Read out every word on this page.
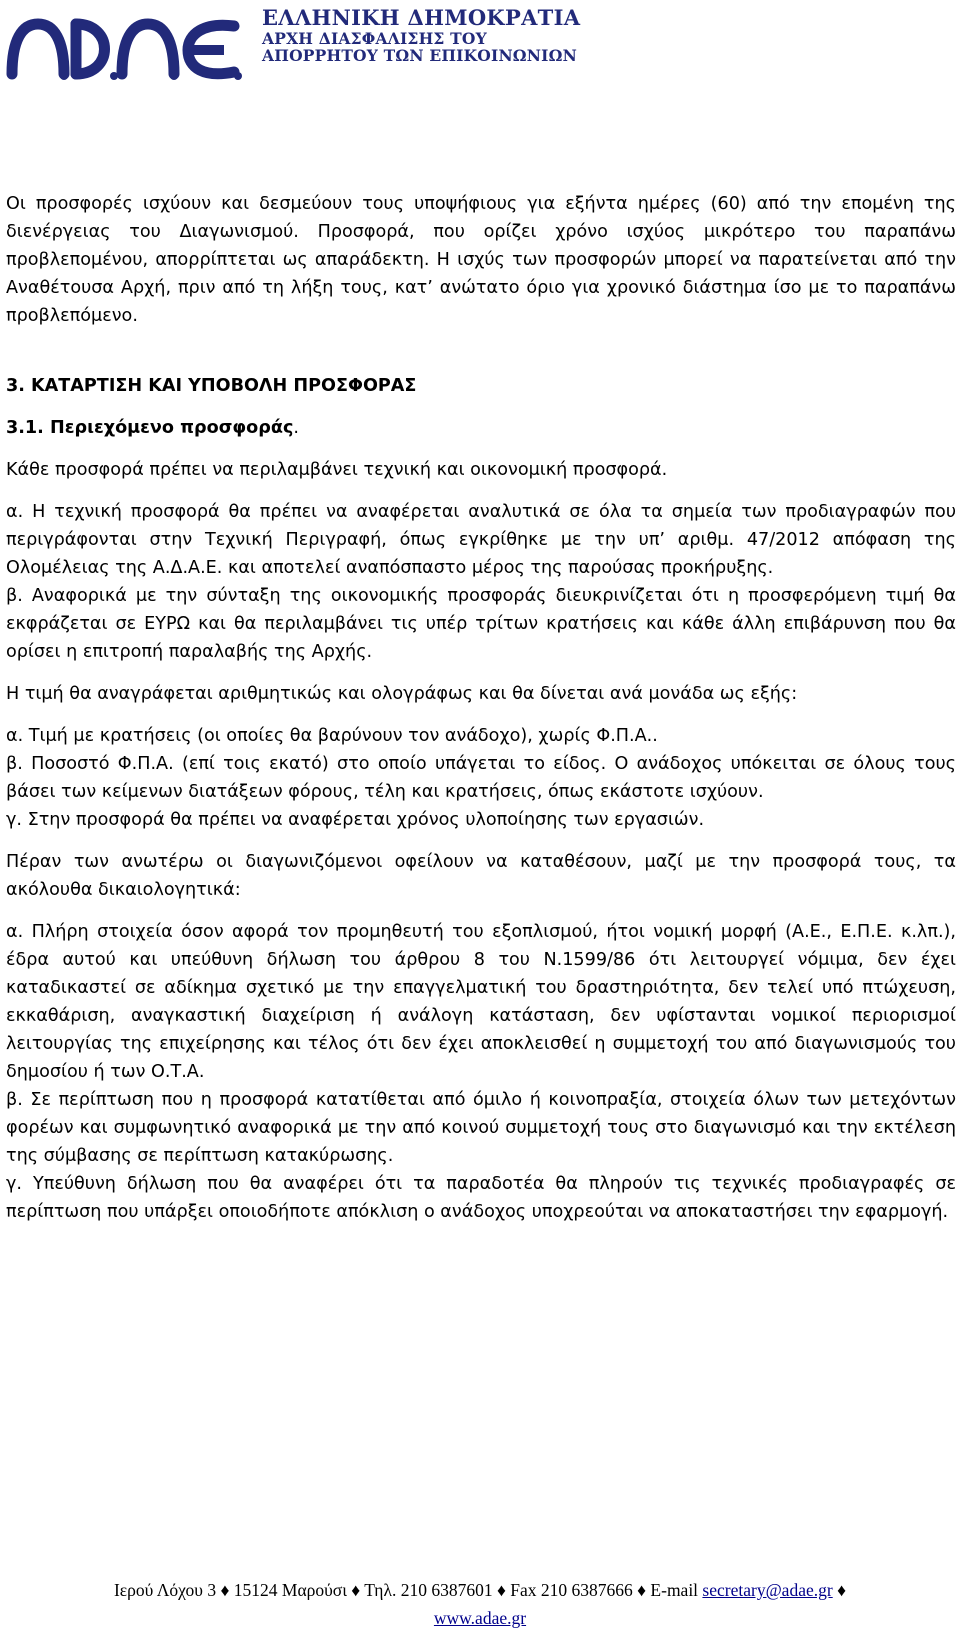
ΕΛΛΗΝΙΚΗ ΔΗΜΟΚΡΑΤΙΑ
ΑΡΧΗ ΔΙΑΣΦΑΛΙΣΗΣ ΤΟΥ
ΑΠΟΡΡΗΤΟΥ ΤΩΝ ΕΠΙΚΟΙΝΩΝΙΩΝ

Οι προσφορές ισχύουν και δεσμεύουν τους υποψήφιους για εξήντα ημέρες (60) από την επομένη της διενέργειας του Διαγωνισμού. Προσφορά, που ορίζει χρόνο ισχύος μικρότερο του παραπάνω προβλεπομένου, απορρίπτεται ως απαράδεκτη. Η ισχύς των προσφορών μπορεί να παρατείνεται από την Αναθέτουσα Αρχή, πριν από τη λήξη τους, κατ’ ανώτατο όριο για χρονικό διάστημα ίσο με το παραπάνω προβλεπόμενο.

3. ΚΑΤΑΡΤΙΣΗ ΚΑΙ ΥΠΟΒΟΛΗ ΠΡΟΣΦΟΡΑΣ

3.1. Περιεχόμενο προσφοράς.

Κάθε προσφορά πρέπει να περιλαμβάνει τεχνική και οικονομική προσφορά.

α. Η τεχνική προσφορά θα πρέπει να αναφέρεται αναλυτικά σε όλα τα σημεία των προδιαγραφών που περιγράφονται στην Τεχνική Περιγραφή, όπως εγκρίθηκε με την υπ’ αριθμ. 47/2012 απόφαση της Ολομέλειας της Α.Δ.Α.Ε. και αποτελεί αναπόσπαστο μέρος της παρούσας προκήρυξης.

β. Αναφορικά με την σύνταξη της οικονομικής προσφοράς διευκρινίζεται ότι η προσφερόμενη τιμή θα εκφράζεται σε ΕΥΡΩ και θα περιλαμβάνει τις υπέρ τρίτων κρατήσεις και κάθε άλλη επιβάρυνση που θα ορίσει η επιτροπή παραλαβής της Αρχής.

Η τιμή θα αναγράφεται αριθμητικώς και ολογράφως και θα δίνεται ανά μονάδα ως εξής:

α. Τιμή με κρατήσεις (οι οποίες θα βαρύνουν τον ανάδοχο), χωρίς Φ.Π.Α..

β. Ποσοστό Φ.Π.Α. (επί τοις εκατό) στο οποίο υπάγεται το είδος. Ο ανάδοχος υπόκειται σε όλους τους βάσει των κείμενων διατάξεων φόρους, τέλη και κρατήσεις, όπως εκάστοτε ισχύουν.

γ. Στην προσφορά θα πρέπει να αναφέρεται χρόνος υλοποίησης των εργασιών.

Πέραν των ανωτέρω οι διαγωνιζόμενοι οφείλουν να καταθέσουν, μαζί με την προσφορά τους, τα ακόλουθα δικαιολογητικά:

α. Πλήρη στοιχεία όσον αφορά τον προμηθευτή του εξοπλισμού, ήτοι νομική μορφή (Α.Ε., Ε.Π.Ε. κ.λπ.), έδρα αυτού και υπεύθυνη δήλωση του άρθρου 8 του Ν.1599/86 ότι λειτουργεί νόμιμα, δεν έχει καταδικαστεί σε αδίκημα σχετικό με την επαγγελματική του δραστηριότητα, δεν τελεί υπό πτώχευση, εκκαθάριση, αναγκαστική διαχείριση ή ανάλογη κατάσταση, δεν υφίστανται νομικοί περιορισμοί λειτουργίας της επιχείρησης και τέλος ότι δεν έχει αποκλεισθεί η συμμετοχή του από διαγωνισμούς του δημοσίου ή των Ο.Τ.Α.

β. Σε περίπτωση που η προσφορά κατατίθεται από όμιλο ή κοινοπραξία, στοιχεία όλων των μετεχόντων φορέων και συμφωνητικό αναφορικά με την από κοινού συμμετοχή τους στο διαγωνισμό και την εκτέλεση της σύμβασης σε περίπτωση κατακύρωσης.

γ. Υπεύθυνη δήλωση που θα αναφέρει ότι τα παραδοτέα θα πληρούν τις τεχνικές προδιαγραφές σε περίπτωση που υπάρξει οποιοδήποτε απόκλιση ο ανάδοχος υποχρεούται να αποκαταστήσει την εφαρμογή.

Ιερού Λόχου 3 ♦ 15124 Μαρούσι ♦ Τηλ. 210 6387601 ♦ Fax 210 6387666 ♦ E-mail secretary@adae.gr ♦
www.adae.gr
